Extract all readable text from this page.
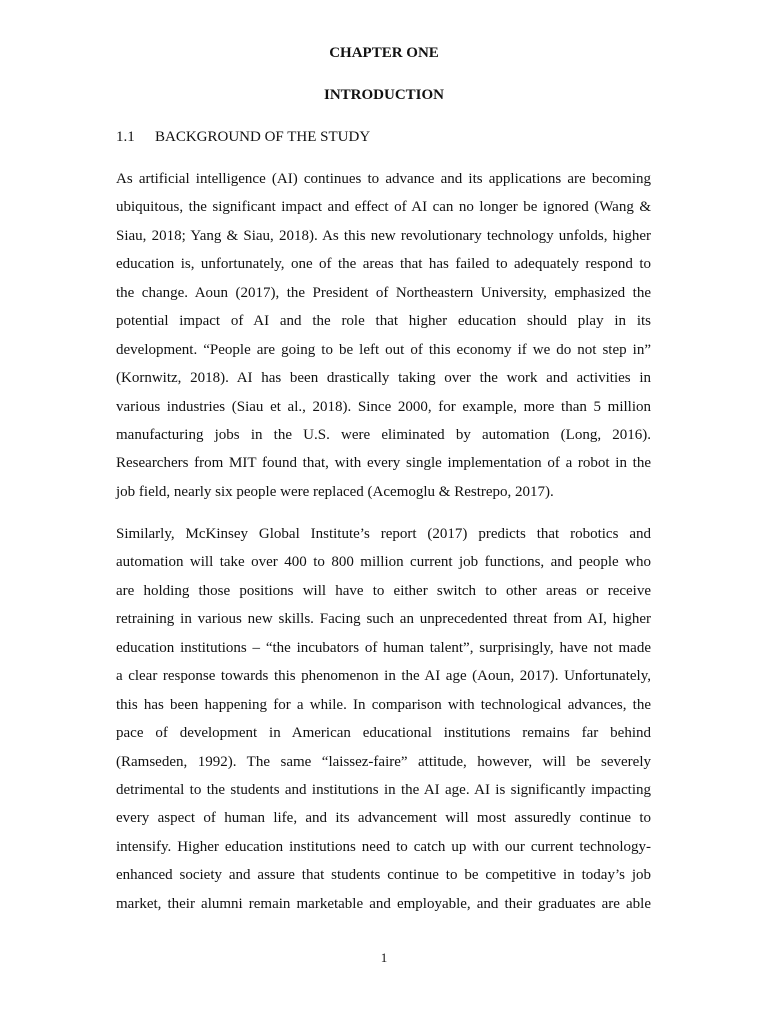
CHAPTER ONE

INTRODUCTION

1.1 BACKGROUND OF THE STUDY

As artificial intelligence (AI) continues to advance and its applications are becoming
ubiquitous, the significant impact and effect of AI can no longer be ignored (Wang &
Siau, 2018; Yang & Siau, 2018). As this new revolutionary technology unfolds, higher
education is, unfortunately, one of the areas that has failed to adequately respond to
the change. Aoun (2017), the President of Northeastern University, emphasized the
potential impact of AI and the role that higher education should play in its
development. “People are going to be left out of this economy if we do not step in”
(Kornwitz, 2018). AI has been drastically taking over the work and activities in
various industries (Siau et al., 2018). Since 2000, for example, more than 5 million
manufacturing jobs in the U.S. were eliminated by automation (Long, 2016).
Researchers from MIT found that, with every single implementation of a robot in the
job field, nearly six people were replaced (Acemoglu & Restrepo, 2017).
Similarly, McKinsey Global Institute’s report (2017) predicts that robotics and
automation will take over 400 to 800 million current job functions, and people who
are holding those positions will have to either switch to other areas or receive
retraining in various new skills. Facing such an unprecedented threat from AI, higher
education institutions – “the incubators of human talent”, surprisingly, have not made
a clear response towards this phenomenon in the AI age (Aoun, 2017). Unfortunately,
this has been happening for a while. In comparison with technological advances, the
pace of development in American educational institutions remains far behind
(Ramseden, 1992). The same “laissez-faire” attitude, however, will be severely
detrimental to the students and institutions in the AI age. AI is significantly impacting
every aspect of human life, and its advancement will most assuredly continue to
intensify. Higher education institutions need to catch up with our current technology-
enhanced society and assure that students continue to be competitive in today’s job
market, their alumni remain marketable and employable, and their graduates are able

1
